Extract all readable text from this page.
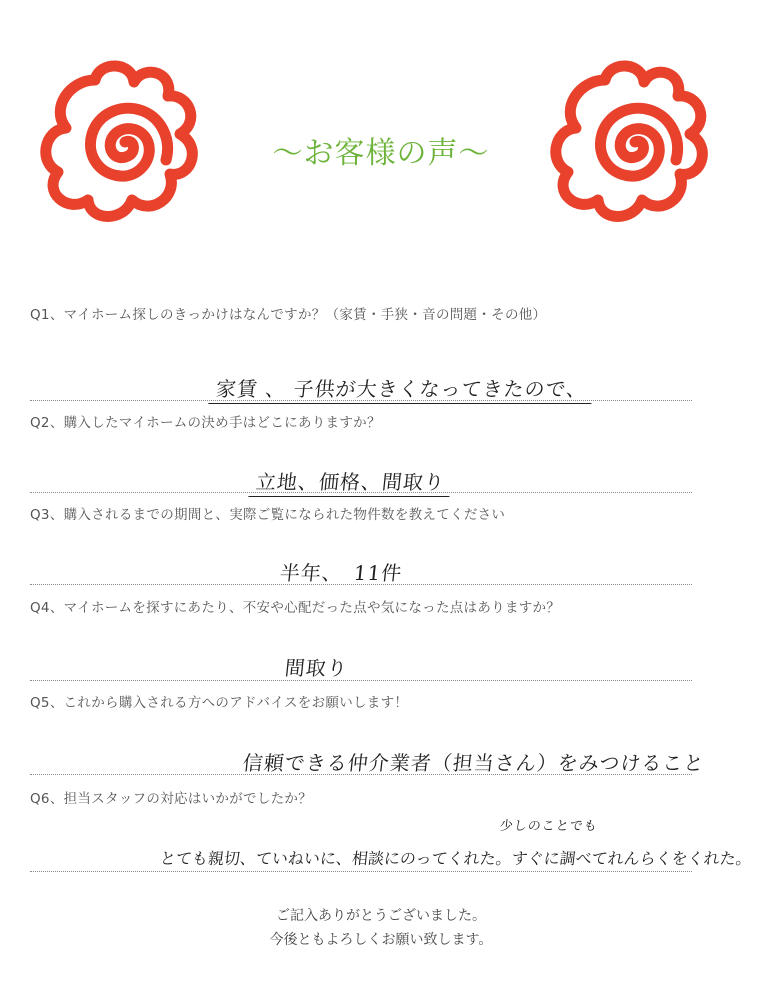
～お客様の声～
Q1、マイホーム探しのきっかけはなんですか？（家賃・手狭・音の問題・その他）
家賃 、 子供が大きくなってきたので、
Q2、購入したマイホームの決め手はどこにありますか？
立地、価格、間取り
Q3、購入されるまでの期間と、実際ご覧になられた物件数を教えてください
半年、　11件
Q4、マイホームを探すにあたり、不安や心配だった点や気になった点はありますか？
間取り
Q5、これから購入される方へのアドバイスをお願いします！
信頼できる仲介業者（担当さん）をみつけること
Q6、担当スタッフの対応はいかがでしたか？
少しのことでも
とても親切、ていねいに、相談にのってくれた。すぐに調べてれんらくをくれた。
ご記入ありがとうございました。
今後ともよろしくお願い致します。
